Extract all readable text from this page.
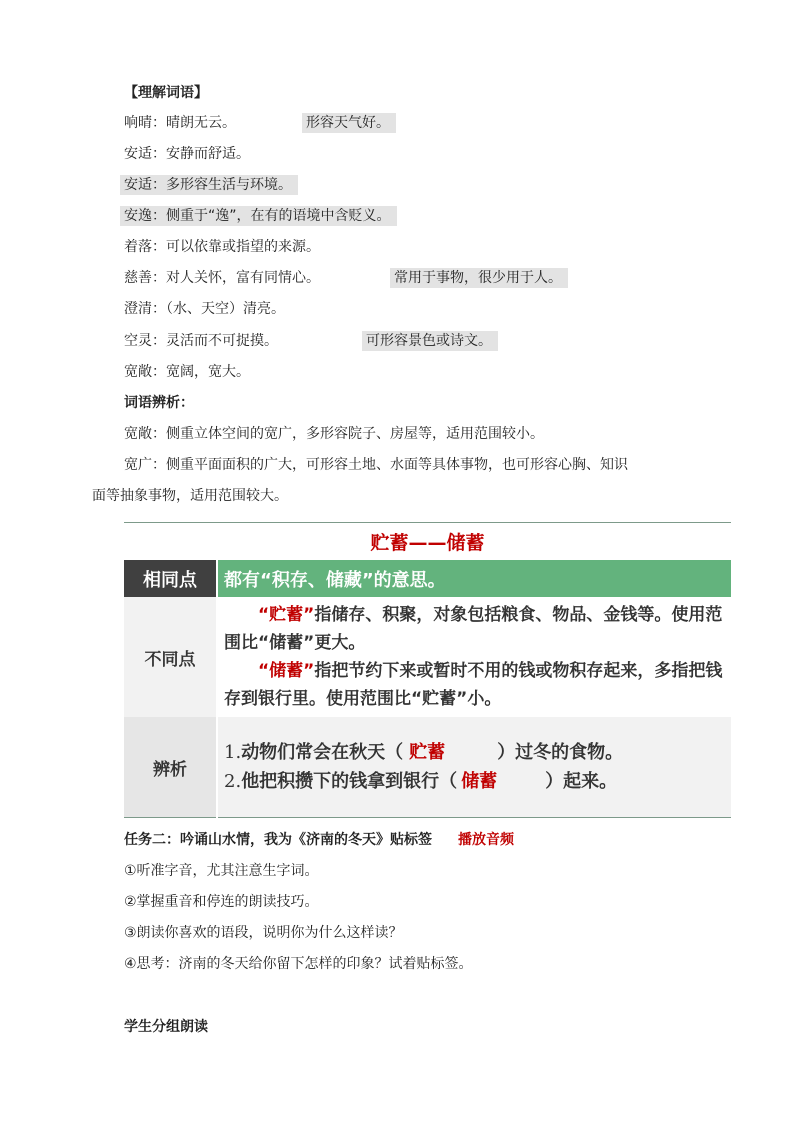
【理解词语】
响晴：晴朗无云。	形容天气好。
安适：安静而舒适。
安适：多形容生活与环境。
安逸：侧重于“逸”，在有的语境中含贬义。
着落：可以依靠或指望的来源。
慈善：对人关怀，富有同情心。	常用于事物，很少用于人。
澄清：（水、天空）清亮。
空灵：灵活而不可捉摸。	可形容景色或诗文。
宽敞：宽阔，宽大。
词语辨析：
宽敞：侧重立体空间的宽广，多形容院子、房屋等，适用范围较小。
宽广：侧重平面面积的广大，可形容土地、水面等具体事物，也可形容心胸、知识
面等抽象事物，适用范围较大。
贮蓄——储蓄	
相同点	都有“积存、储藏”的意思。
不同点	“贮蓄”指储存、积聚，对象包括粮食、物品、金钱等。使用范围比“储蓄”更大。
“储蓄”指把节约下来或暂时不用的钱或物积存起来，多指把钱存到银行里。使用范围比“贮蓄”小。

辨析	1.动物们常会在秋天（ 贮蓄 ）过冬的食物。
2.他把积攒下的钱拿到银行（ 储蓄 ）起来。
任务二：吟诵山水情，我为《济南的冬天》贴标签 播放音频
①听准字音，尤其注意生字词。
②掌握重音和停连的朗读技巧。
③朗读你喜欢的语段，说明你为什么这样读？
④思考：济南的冬天给你留下怎样的印象？试着贴标签。
学生分组朗读
